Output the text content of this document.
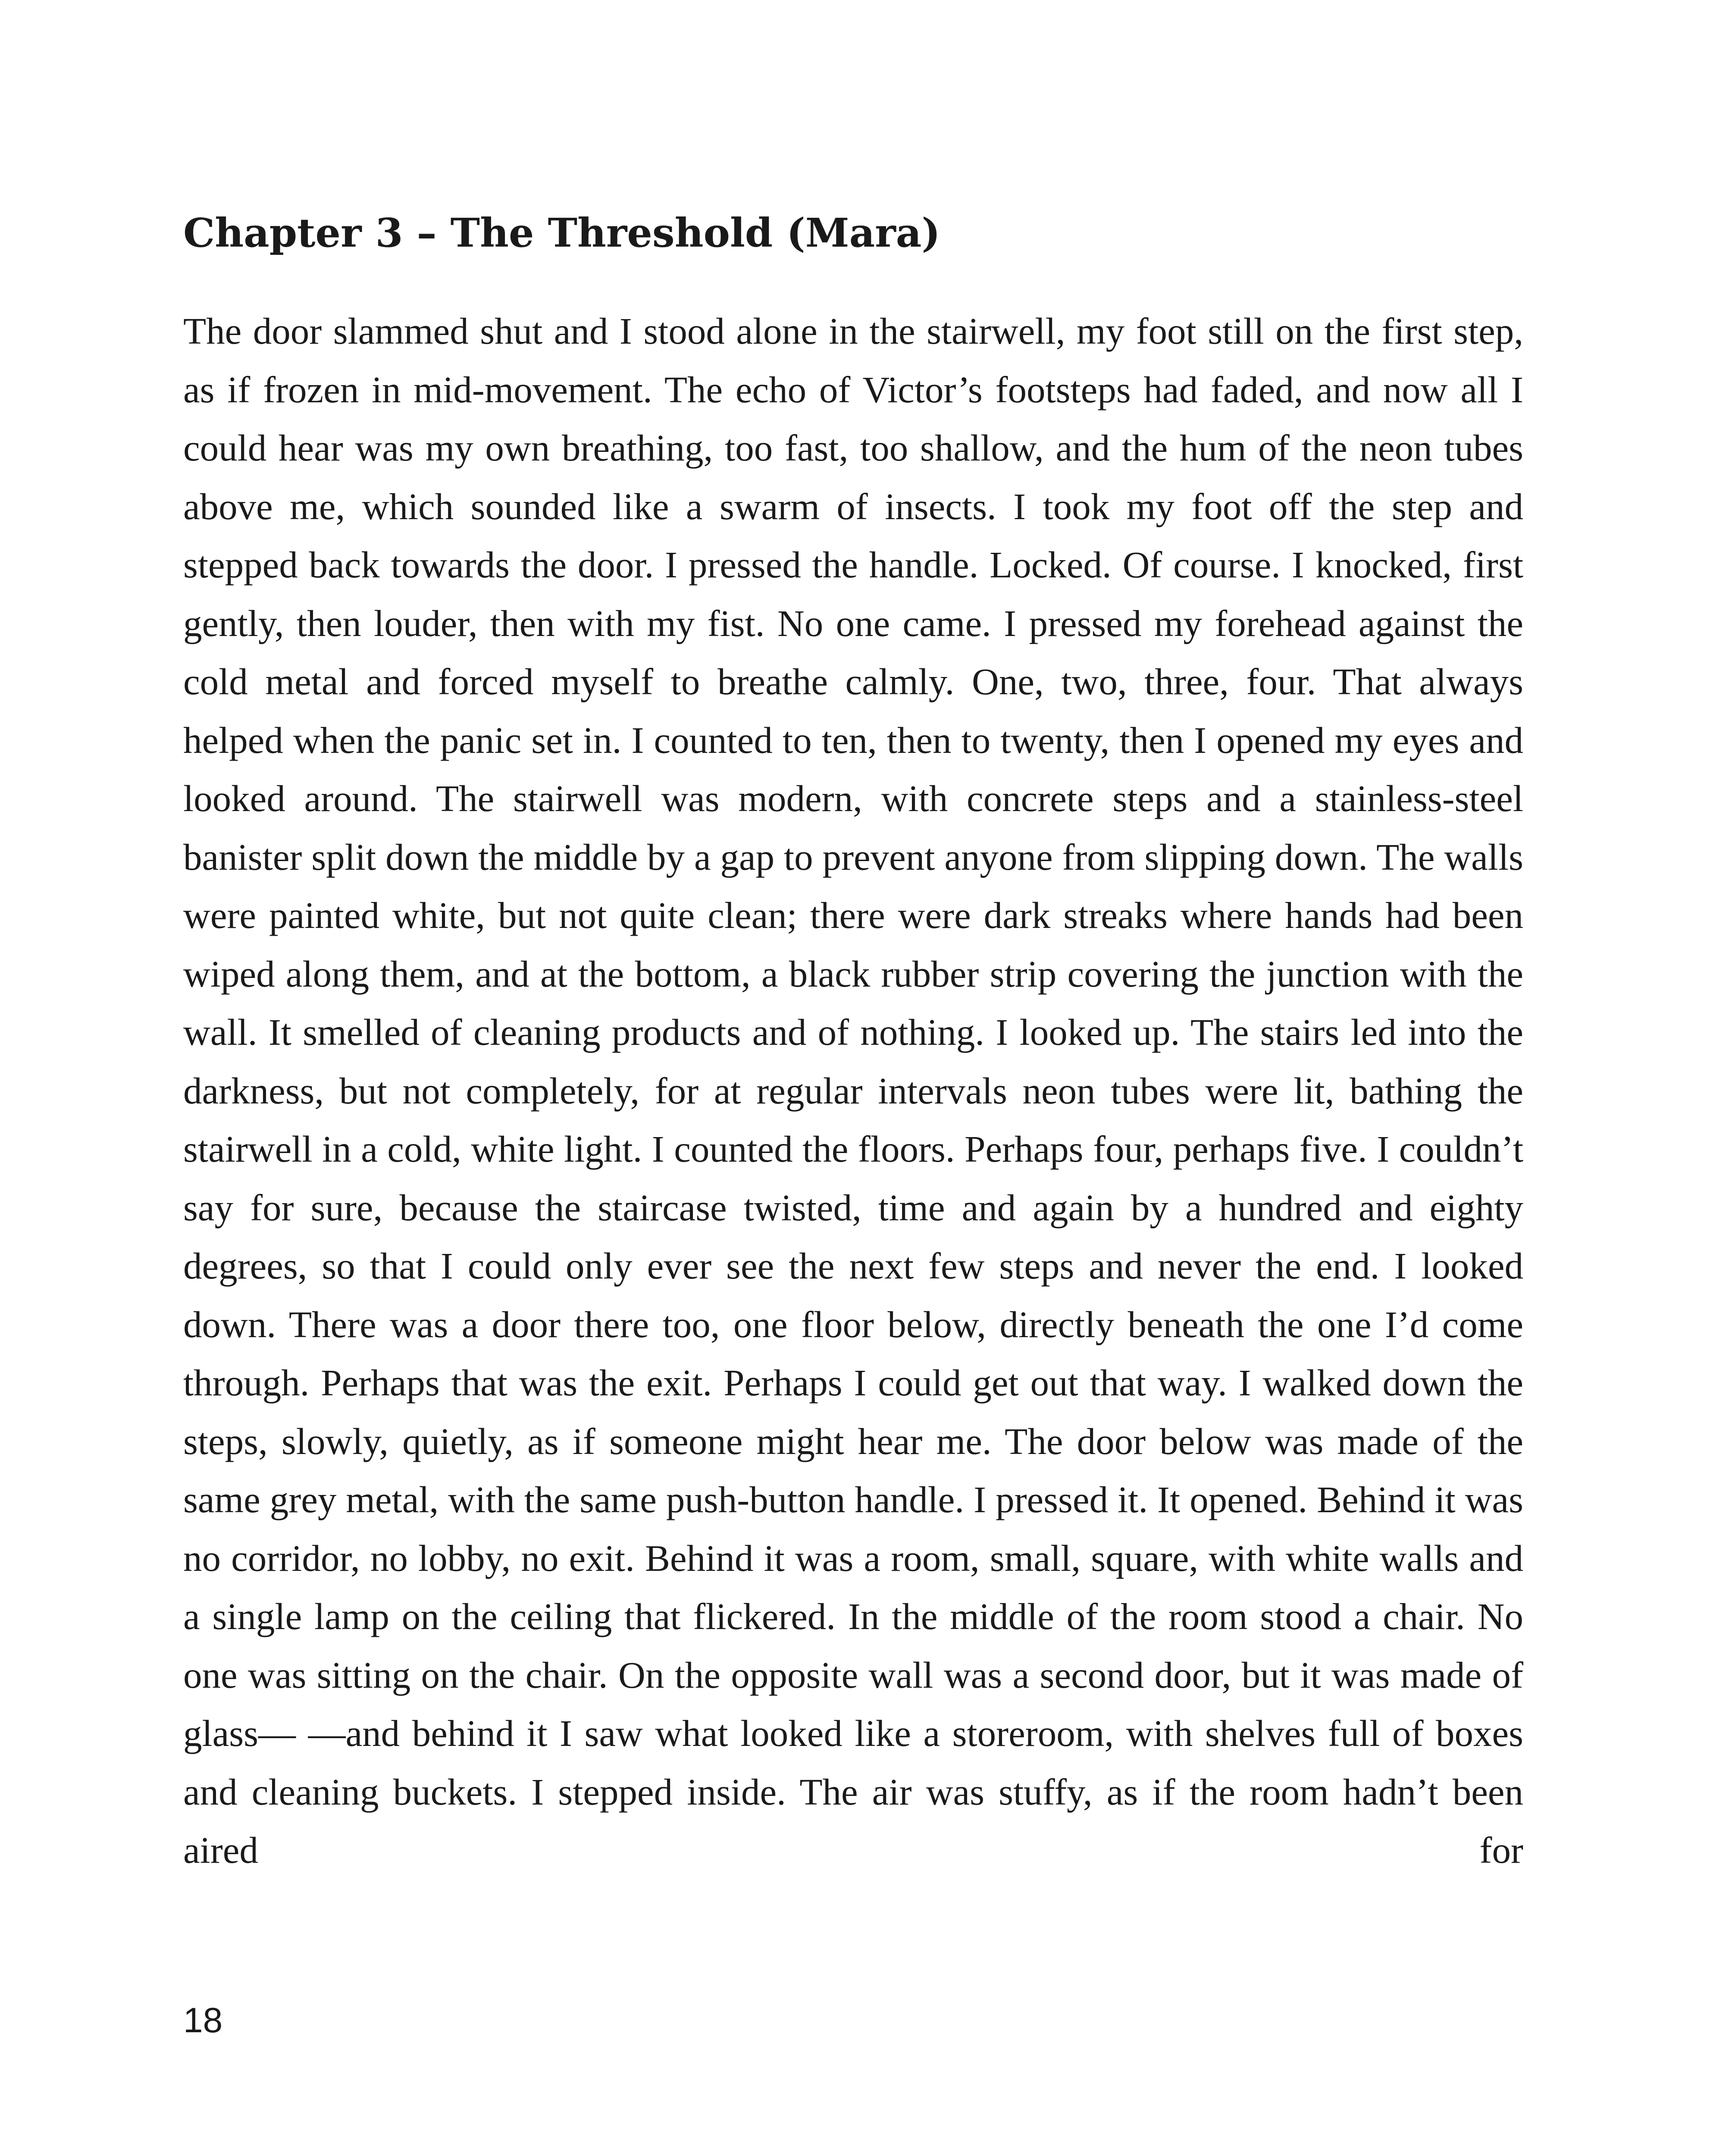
Chapter 3 – The Threshold (Mara)

The door slammed shut and I stood alone in the stairwell, my foot still on the first step, as if frozen in mid-movement. The echo of Victor’s footsteps had faded, and now all I could hear was my own breathing, too fast, too shallow, and the hum of the neon tubes above me, which sounded like a swarm of insects. I took my foot off the step and stepped back towards the door. I pressed the handle. Locked. Of course. I knocked, first gently, then louder, then with my fist. No one came. I pressed my forehead against the cold metal and forced myself to breathe calmly. One, two, three, four. That always helped when the panic set in. I counted to ten, then to twenty, then I opened my eyes and looked around. The stairwell was modern, with concrete steps and a stainless-steel banister split down the middle by a gap to prevent anyone from slipping down. The walls were painted white, but not quite clean; there were dark streaks where hands had been wiped along them, and at the bottom, a black rubber strip covering the junction with the wall. It smelled of cleaning products and of nothing. I looked up. The stairs led into the darkness, but not completely, for at regular intervals neon tubes were lit, bathing the stairwell in a cold, white light. I counted the floors. Perhaps four, perhaps five. I couldn’t say for sure, because the staircase twisted, time and again by a hundred and eighty degrees, so that I could only ever see the next few steps and never the end. I looked down. There was a door there too, one floor below, directly beneath the one I’d come through. Perhaps that was the exit. Perhaps I could get out that way. I walked down the steps, slowly, quietly, as if someone might hear me. The door below was made of the same grey metal, with the same push-button handle. I pressed it. It opened. Behind it was no corridor, no lobby, no exit. Behind it was a room, small, square, with white walls and a single lamp on the ceiling that flickered. In the middle of the room stood a chair. No one was sitting on the chair. On the opposite wall was a second door, but it was made of glass— —and behind it I saw what looked like a storeroom, with shelves full of boxes and cleaning buckets. I stepped inside. The air was stuffy, as if the room hadn’t been aired for

18
